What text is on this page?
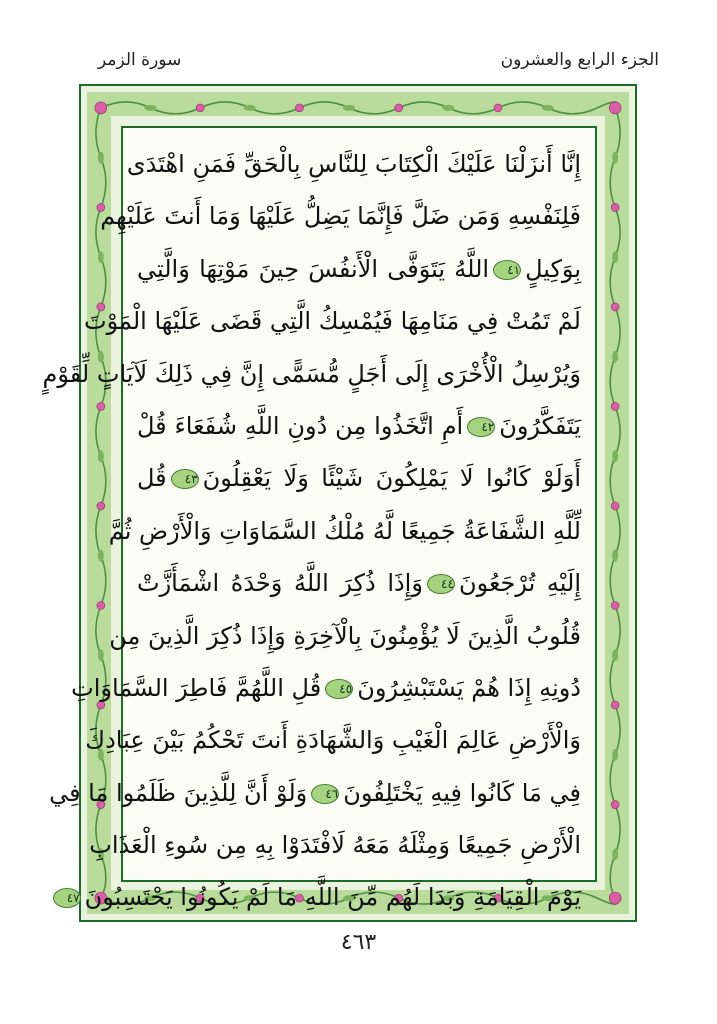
سورة الزمر	الجزء الرابع والعشرون
إِنَّا أَنزَلْنَا عَلَيْكَ الْكِتَابَ لِلنَّاسِ بِالْحَقِّ فَمَنِ اهْتَدَى
فَلِنَفْسِهِ وَمَن ضَلَّ فَإِنَّمَا يَضِلُّ عَلَيْهَا وَمَا أَنتَ عَلَيْهِم
بِوَكِيلٍ٤١اللَّهُ يَتَوَفَّى الْأَنفُسَ حِينَ مَوْتِهَا وَالَّتِي
لَمْ تَمُتْ فِي مَنَامِهَا فَيُمْسِكُ الَّتِي قَضَى عَلَيْهَا الْمَوْتَ
وَيُرْسِلُ الْأُخْرَى إِلَى أَجَلٍ مُّسَمًّى إِنَّ فِي ذَلِكَ لَآيَاتٍ لِّقَوْمٍ
يَتَفَكَّرُونَ٤٢أَمِ اتَّخَذُوا مِن دُونِ اللَّهِ شُفَعَاءَ قُلْ
أَوَلَوْ كَانُوا لَا يَمْلِكُونَ شَيْئًا وَلَا يَعْقِلُونَ٤٣قُل
لِّلَّهِ الشَّفَاعَةُ جَمِيعًا لَّهُ مُلْكُ السَّمَاوَاتِ وَالْأَرْضِ ثُمَّ
إِلَيْهِ تُرْجَعُونَ٤٤وَإِذَا ذُكِرَ اللَّهُ وَحْدَهُ اشْمَأَزَّتْ
قُلُوبُ الَّذِينَ لَا يُؤْمِنُونَ بِالْآخِرَةِ وَإِذَا ذُكِرَ الَّذِينَ مِن
دُونِهِ إِذَا هُمْ يَسْتَبْشِرُونَ٤٥قُلِ اللَّهُمَّ فَاطِرَ السَّمَاوَاتِ
وَالْأَرْضِ عَالِمَ الْغَيْبِ وَالشَّهَادَةِ أَنتَ تَحْكُمُ بَيْنَ عِبَادِكَ
فِي مَا كَانُوا فِيهِ يَخْتَلِفُونَ٤٦وَلَوْ أَنَّ لِلَّذِينَ ظَلَمُوا مَا فِي
الْأَرْضِ جَمِيعًا وَمِثْلَهُ مَعَهُ لَافْتَدَوْا بِهِ مِن سُوءِ الْعَذَابِ
يَوْمَ الْقِيَامَةِ وَبَدَا لَهُم مِّنَ اللَّهِ مَا لَمْ يَكُونُوا يَحْتَسِبُونَ٤٧
٤٦٣
